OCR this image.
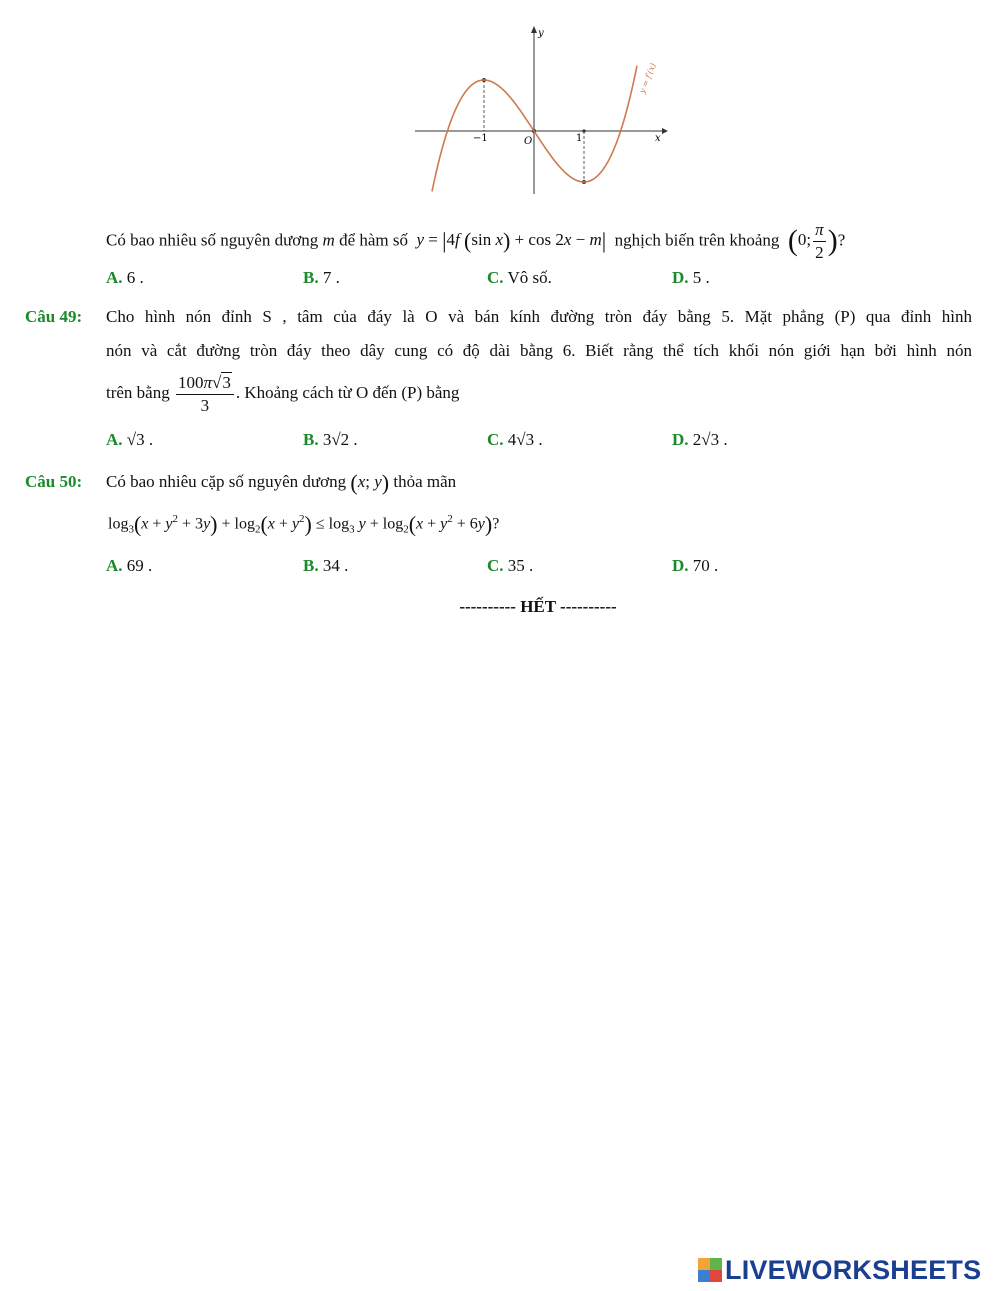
y
x
O
−1	1
y = f′(x)
Có bao nhiêu số nguyên dương m để hàm số y = |4f (sin x) + cos 2x − m| nghịch biến trên khoảng (0; $\frac{\pi}{2}$ )?
A. 6 .	B. 7 .	C. Vô số.	D. 5 .
Câu 49: Cho hình nón đỉnh S , tâm của đáy là O và bán kính đường tròn đáy bằng 5. Mặt phẳng (P) qua đỉnh hình
nón và cắt đường tròn đáy theo dây cung có độ dài bằng 6. Biết rằng thể tích khối nón giới hạn bởi hình nón
trên bằng $\frac{100\pi√3}{3}$ . Khoảng cách từ O đến (P) bằng
A. √3 .	B. 3√2 .	C. 4√3 .	D. 2√3 .
Câu 50: Có bao nhiêu cặp số nguyên dương (x; y) thỏa mãn
$\log_3(x + y^2 + 3y) + \log_2(x + y^2) \le \log_3 y + \log_2(x + y^2 + 6y)$?
A. 69 .	B. 34 .	C. 35 .	D. 70 .
---------- HẾT ----------
LIVEWORKSHEETS
